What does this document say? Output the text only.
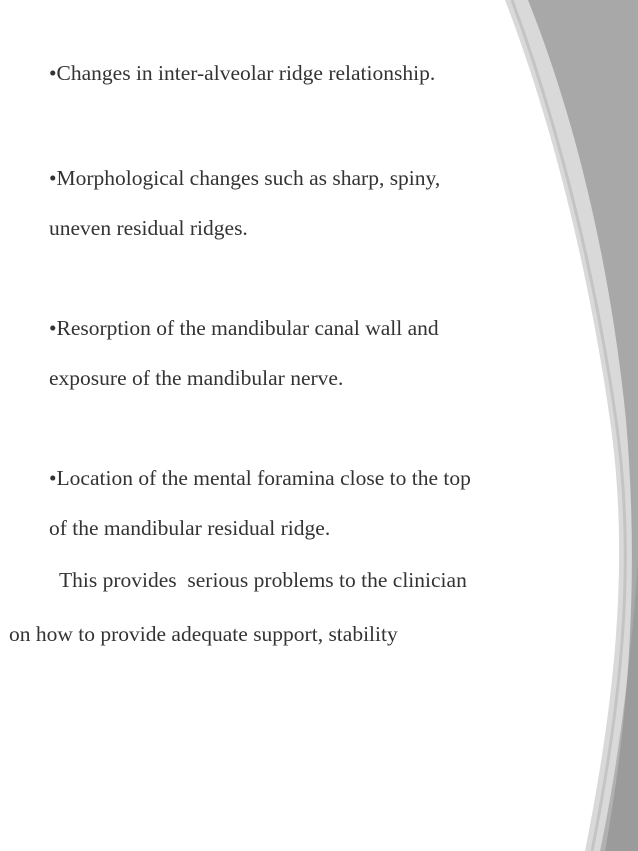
•Changes in inter-alveolar ridge relationship.

•Morphological changes such as sharp, spiny,

uneven residual ridges.

•Resorption of the mandibular canal wall and

exposure of the mandibular nerve.

•Location of the mental foramina close to the top

of the mandibular residual ridge.

This provides  serious problems to the clinician

on how to provide adequate support, stability
